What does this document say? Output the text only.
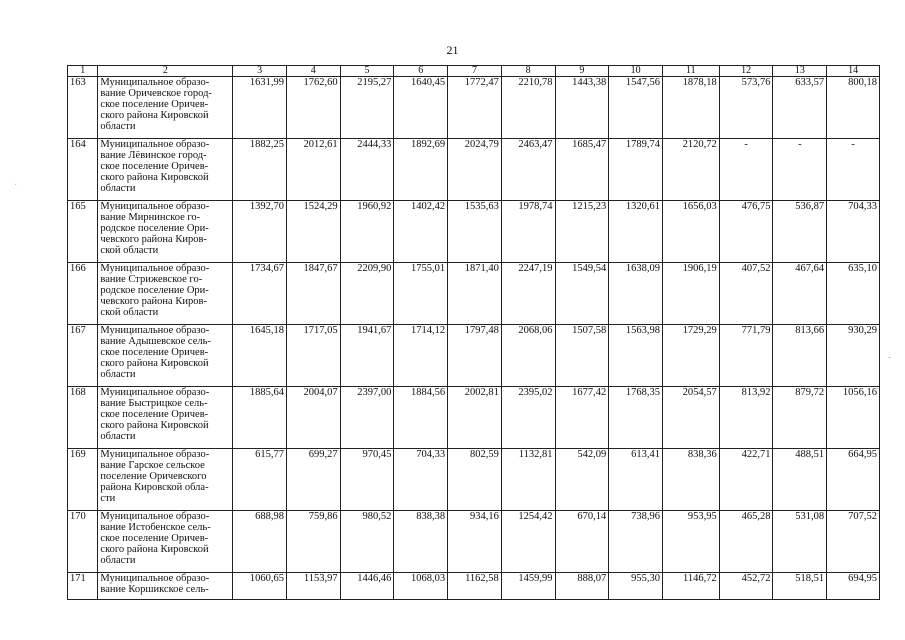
21
1	2	3	4	5	6	7	8	9	10	11	12	13	14
163	Муниципальное образо-
вание Оричевское город-
ское поселение Оричев-
ского района Кировской
области	1631,99	1762,60	2195,27	1640,45	1772,47	2210,78	1443,38	1547,56	1878,18	573,76	633,57	800,18
164	Муниципальное образо-
вание Лёвинское город-
ское поселение Оричев-
ского района Кировской
области	1882,25	2012,61	2444,33	1892,69	2024,79	2463,47	1685,47	1789,74	2120,72	-	-	-
165	Муниципальное образо-
вание Мирнинское го-
родское поселение Ори-
чевского района Киров-
ской области	1392,70	1524,29	1960,92	1402,42	1535,63	1978,74	1215,23	1320,61	1656,03	476,75	536,87	704,33
166	Муниципальное образо-
вание Стрижевское го-
родское поселение Ори-
чевского района Киров-
ской области	1734,67	1847,67	2209,90	1755,01	1871,40	2247,19	1549,54	1638,09	1906,19	407,52	467,64	635,10
167	Муниципальное образо-
вание Адышевское сель-
ское поселение Оричев-
ского района Кировской
области	1645,18	1717,05	1941,67	1714,12	1797,48	2068,06	1507,58	1563,98	1729,29	771,79	813,66	930,29
168	Муниципальное образо-
вание Быстрицкое сель-
ское поселение Оричев-
ского района Кировской
области	1885,64	2004,07	2397,00	1884,56	2002,81	2395,02	1677,42	1768,35	2054,57	813,92	879,72	1056,16
169	Муниципальное образо-
вание Гарское сельское
поселение Оричевского
района Кировской обла-
сти	615,77	699,27	970,45	704,33	802,59	1132,81	542,09	613,41	838,36	422,71	488,51	664,95
170	Муниципальное образо-
вание Истобенское сель-
ское поселение Оричев-
ского района Кировской
области	688,98	759,86	980,52	838,38	934,16	1254,42	670,14	738,96	953,95	465,28	531,08	707,52
171	Муниципальное образо-
вание Коршикское сель-	1060,65	1153,97	1446,46	1068,03	1162,58	1459,99	888,07	955,30	1146,72	452,72	518,51	694,95
·
-
